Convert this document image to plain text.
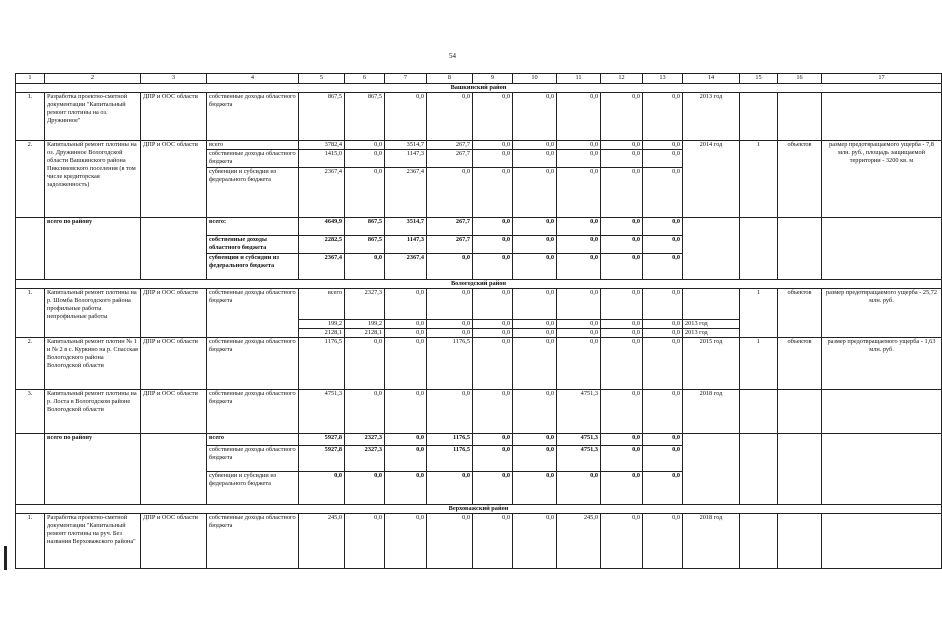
54
1	2	3	4	5	6	7	8	9	10	11	12	13	14	15	16	17
Вашкинский район																
1.	Разработка проектно-сметной документации "Капитальный ремонт плотины на оз. Дружинное"	ДПР и ООС области	собственные доходы областного бюджета	867,5	867,5	0,0	0,0	0,0	0,0	0,0	0,0	0,0	2013 год			
2.	Капитальный ремонт плотины на оз. Дружинное Вологодской области Вашкинского района Пиксимовского поселения (в том числе кредиторская задолженность)	ДПР и ООС области	всего	3782,4	0,0	3514,7	267,7	0,0	0,0	0,0	0,0	0,0	2014 год	1	объектов	размер предотвращаемого ущерба - 7,8 млн. руб., площадь защищаемой территории - 3200 кв. м
			собственные доходы областного бюджета	1415,0	0,0	1147,3	267,7	0,0	0,0	0,0	0,0	0,0				
			субвенции и субсидии из федерального бюджета	2367,4	0,0	2367,4	0,0	0,0	0,0	0,0	0,0	0,0				
	всего по району		всего:	4649,9	867,5	3514,7	267,7	0,0	0,0	0,0	0,0	0,0				
			собственные доходы областного бюджета	2282,5	867,5	1147,3	267,7	0,0	0,0	0,0	0,0	0,0				
			субвенции и субсидии из федерального бюджета	2367,4	0,0	2367,4	0,0	0,0	0,0	0,0	0,0	0,0				
Вологодский район																
1.	Капитальный ремонт плотины на р. Шомба Вологодского района профильные работы непрофильные работы	ДПР и ООС области	собственные доходы областного бюджета	всего	2327,3	0,0	0,0	0,0	0,0	0,0	0,0	0,0		1	объектов	размер предотвращаемого ущерба - 25,72 млн. руб.
				199,2	199,2	0,0	0,0	0,0	0,0	0,0	0,0	0,0	2013 год			
				2128,1	2128,1	0,0	0,0	0,0	0,0	0,0	0,0	0,0	2013 год			
2.	Капитальный ремонт плотин № 1 и № 2 в с. Куркино на р. Спасская Вологодского района Вологодской области	ДПР и ООС области	собственные доходы областного бюджета	1176,5	0,0	0,0	1176,5	0,0	0,0	0,0	0,0	0,0	2015 год	1	объектов	размер предотвращаемого ущерба - 1,63 млн. руб.
3.	Капитальный ремонт плотины на р. Лоста в Вологодском районе Вологодской области	ДПР и ООС области	собственные доходы областного бюджета	4751,3	0,0	0,0	0,0	0,0	0,0	4751,3	0,0	0,0	2018 год			
	всего по району		всего	5927,8	2327,3	0,0	1176,5	0,0	0,0	4751,3	0,0	0,0				
			собственные доходы областного бюджета	5927,8	2327,3	0,0	1176,5	0,0	0,0	4751,3	0,0	0,0				
			субвенции и субсидии из федерального бюджета	0,0	0,0	0,0	0,0	0,0	0,0	0,0	0,0	0,0				
Верховажский район																
1.	Разработка проектно-сметной документации "Капитальный ремонт плотины на руч. Без названия Верховажского района"	ДПР и ООС области	собственные доходы областного бюджета	245,0	0,0	0,0	0,0	0,0	0,0	245,0	0,0	0,0	2018 год			
